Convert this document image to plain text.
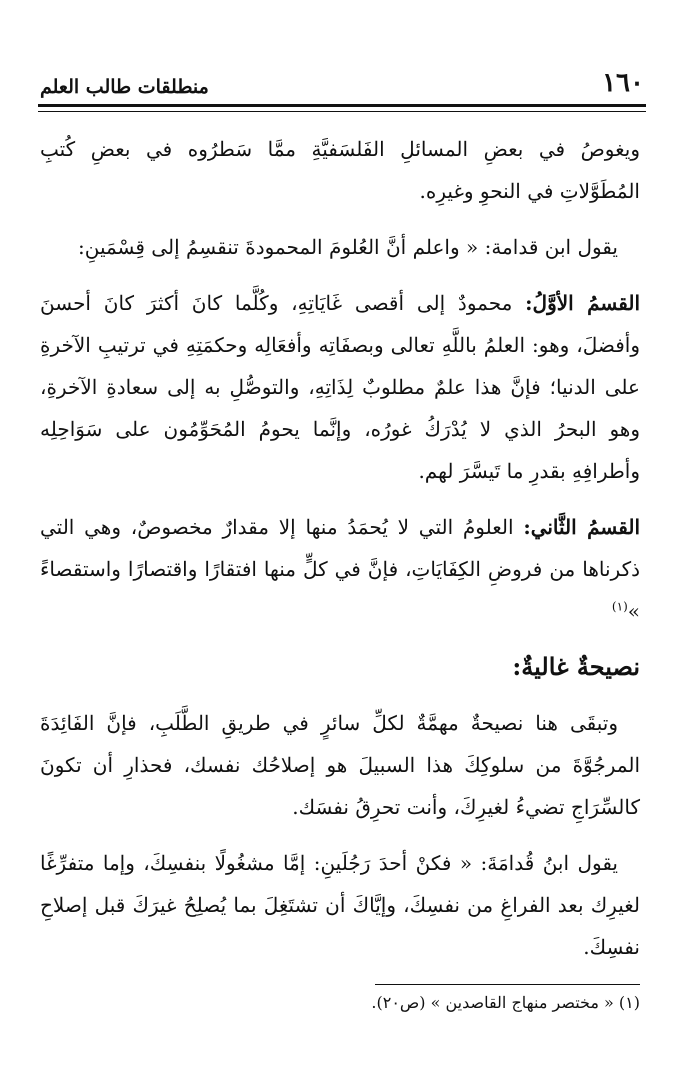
١٦٠
منطلقات طالب العلم

ويغوصُ في بعضِ المسائلِ الفَلسَفيَّةِ ممَّا سَطرُوه في بعضِ كُتبِ المُطَوَّلاتِ في النحوِ وغيرِه.

يقول ابن قدامة: « واعلم أنَّ العُلومَ المحمودةَ تنقسِمُ إلى قِسْمَينِ:

القسمُ الأوَّلُ: محمودٌ إلى أقصى غَايَاتِهِ، وكُلَّما كانَ أكثرَ كانَ أحسنَ وأفضلَ، وهو: العلمُ باللَّهِ تعالى وبصفَاتِه وأفعَالِه وحكمَتِهِ في ترتيبِ الآخرةِ على الدنيا؛ فإنَّ هذا علمٌ مطلوبٌ لِذَاتِهِ، والتوصُّلِ به إلى سعادةِ الآخرةِ، وهو البحرُ الذي لا يُدْرَكُ غورُه، وإنَّما يحومُ المُحَوِّمُون على سَوَاحِلِه وأطرافِهِ بقدرِ ما تَيسَّرَ لهم.

القسمُ الثَّاني: العلومُ التي لا يُحمَدُ منها إلا مقدارٌ مخصوصٌ، وهي التي ذكرناها من فروضِ الكِفَايَاتِ، فإنَّ في كلٍّ منها افتقارًا واقتصارًا واستقصاءً »$^{(١)}$

نصيحةٌ غاليةٌ:

وتبقَى هنا نصيحةٌ مهمَّةٌ لكلِّ سائرٍ في طريقِ الطَّلَبِ، فإنَّ الفَائِدَةَ المرجُوَّةَ من سلوكِكَ هذا السبيلَ هو إصلاحُك نفسك، فحذارِ أن تكونَ كالسِّرَاجِ تضيءُ لغيرِكَ، وأنت تحرِقُ نفسَك.

يقول ابنُ قُدامَةَ: « فكنْ أحدَ رَجُلَينِ: إمَّا مشغُولًا بنفسِكَ، وإما متفرِّغًا لغيرِك بعد الفراغِ من نفسِكَ، وإيَّاكَ أن تشتَغِلَ بما يُصلِحُ غيرَكَ قبل إصلاحِ نفسِكَ.

(١) « مختصر منهاج القاصدين » (ص٢٠).
